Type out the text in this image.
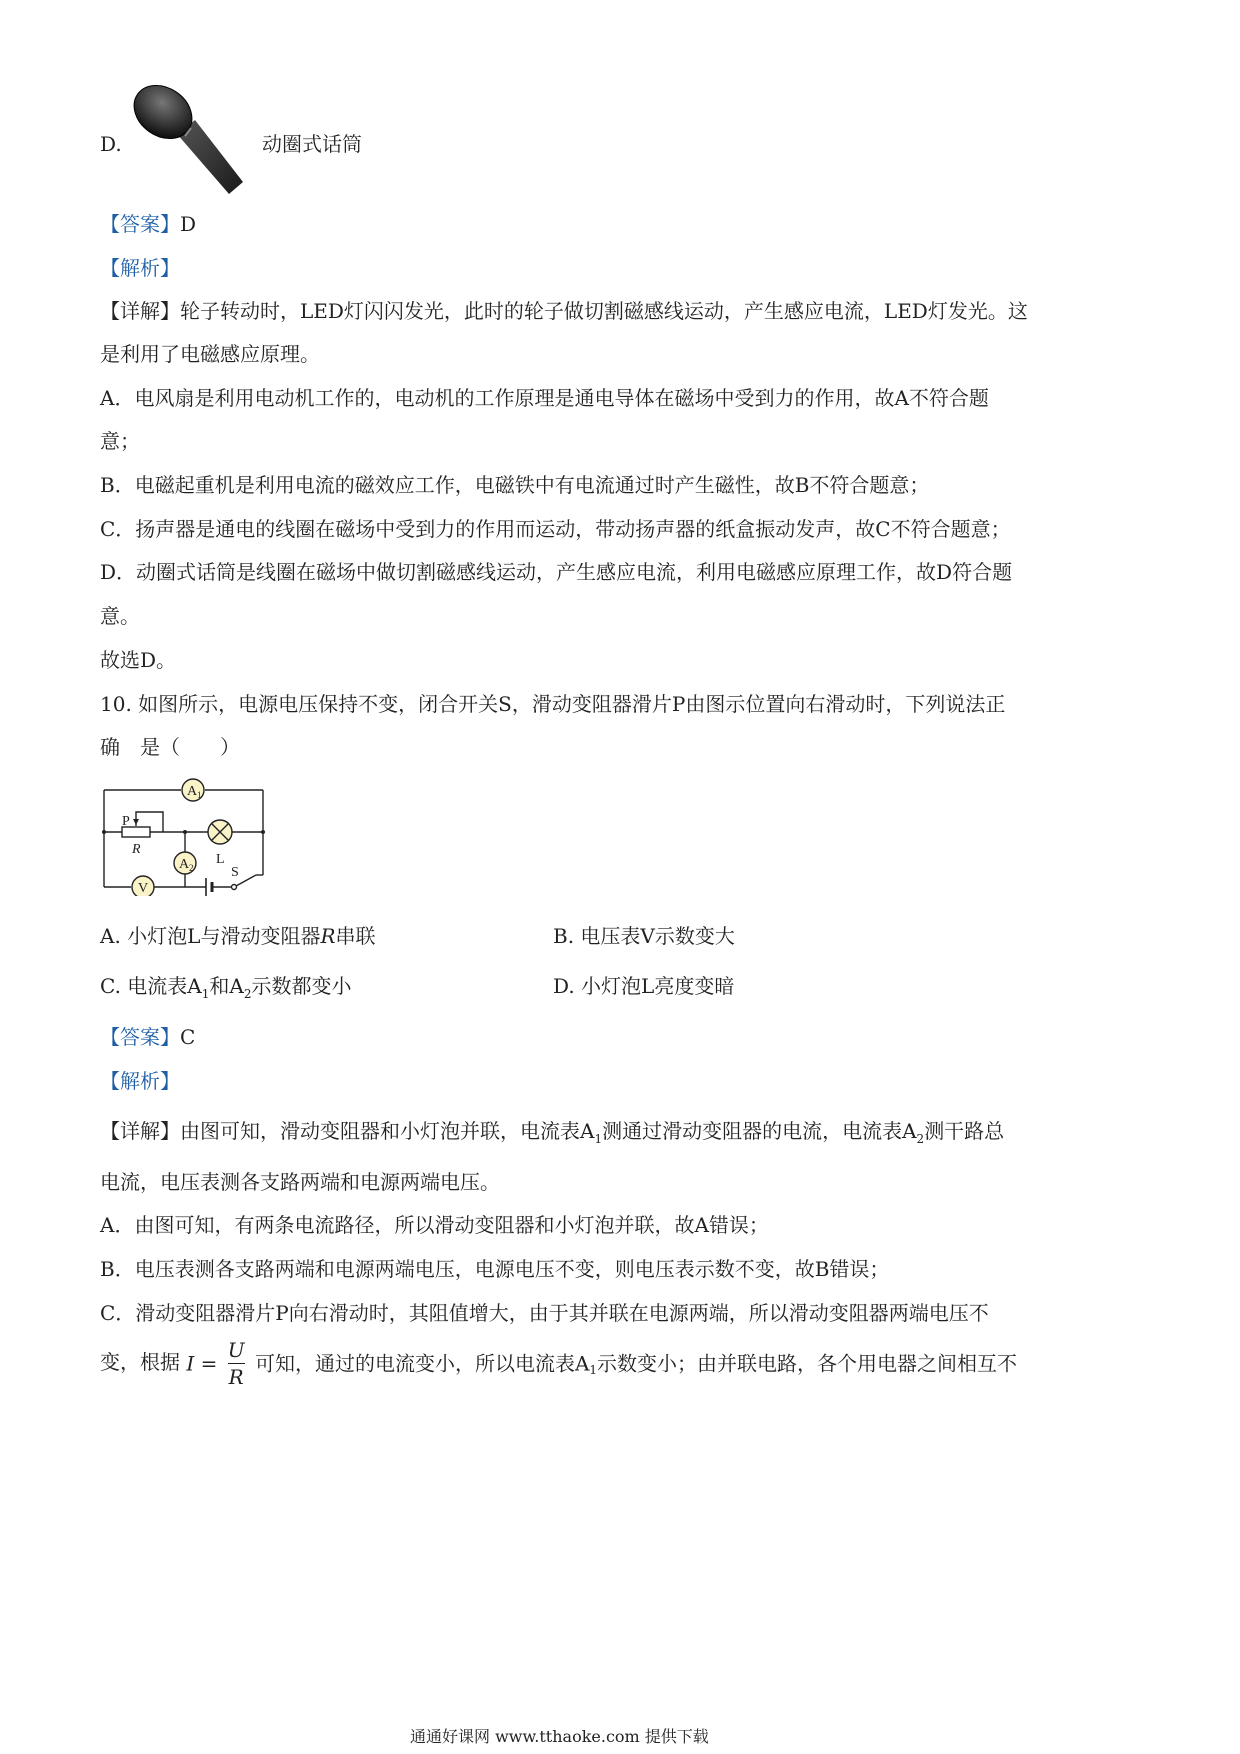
D.	动圈式话筒
【答案】D
【解析】
【详解】轮子转动时，LED灯闪闪发光，此时的轮子做切割磁感线运动，产生感应电流，LED灯发光。这
是利用了电磁感应原理。
A．电风扇是利用电动机工作的，电动机的工作原理是通电导体在磁场中受到力的作用，故A不符合题
意；
B．电磁起重机是利用电流的磁效应工作，电磁铁中有电流通过时产生磁性，故B不符合题意；
C．扬声器是通电的线圈在磁场中受到力的作用而运动，带动扬声器的纸盒振动发声，故C不符合题意；
D．动圈式话筒是线圈在磁场中做切割磁感线运动，产生感应电流，利用电磁感应原理工作，故D符合题
意。
故选D。
10. 如图所示，电源电压保持不变，闭合开关S，滑动变阻器滑片P由图示位置向右滑动时，下列说法正
确　是（　　）
A 1
P
R
A 2
L
V
S
A. 小灯泡L与滑动变阻器R串联	B. 电压表V示数变大
C. 电流表$A_1$和$A_2$示数都变小	D. 小灯泡L亮度变暗
【答案】C
【解析】
【详解】由图可知，滑动变阻器和小灯泡并联，电流表$A_1$测通过滑动变阻器的电流，电流表$A_2$测干路总
电流，电压表测各支路两端和电源两端电压。
A．由图可知，有两条电流路径，所以滑动变阻器和小灯泡并联，故A错误；
B．电压表测各支路两端和电源两端电压，电源电压不变，则电压表示数不变，故B错误；
C．滑动变阻器滑片P向右滑动时，其阻值增大，由于其并联在电源两端，所以滑动变阻器两端电压不
变，根据 $I = \frac{U}{R}$ 可知，通过的电流变小，所以电流表$A_1$示数变小；由并联电路，各个用电器之间相互不
通通好课网 www.tthaoke.com 提供下载
